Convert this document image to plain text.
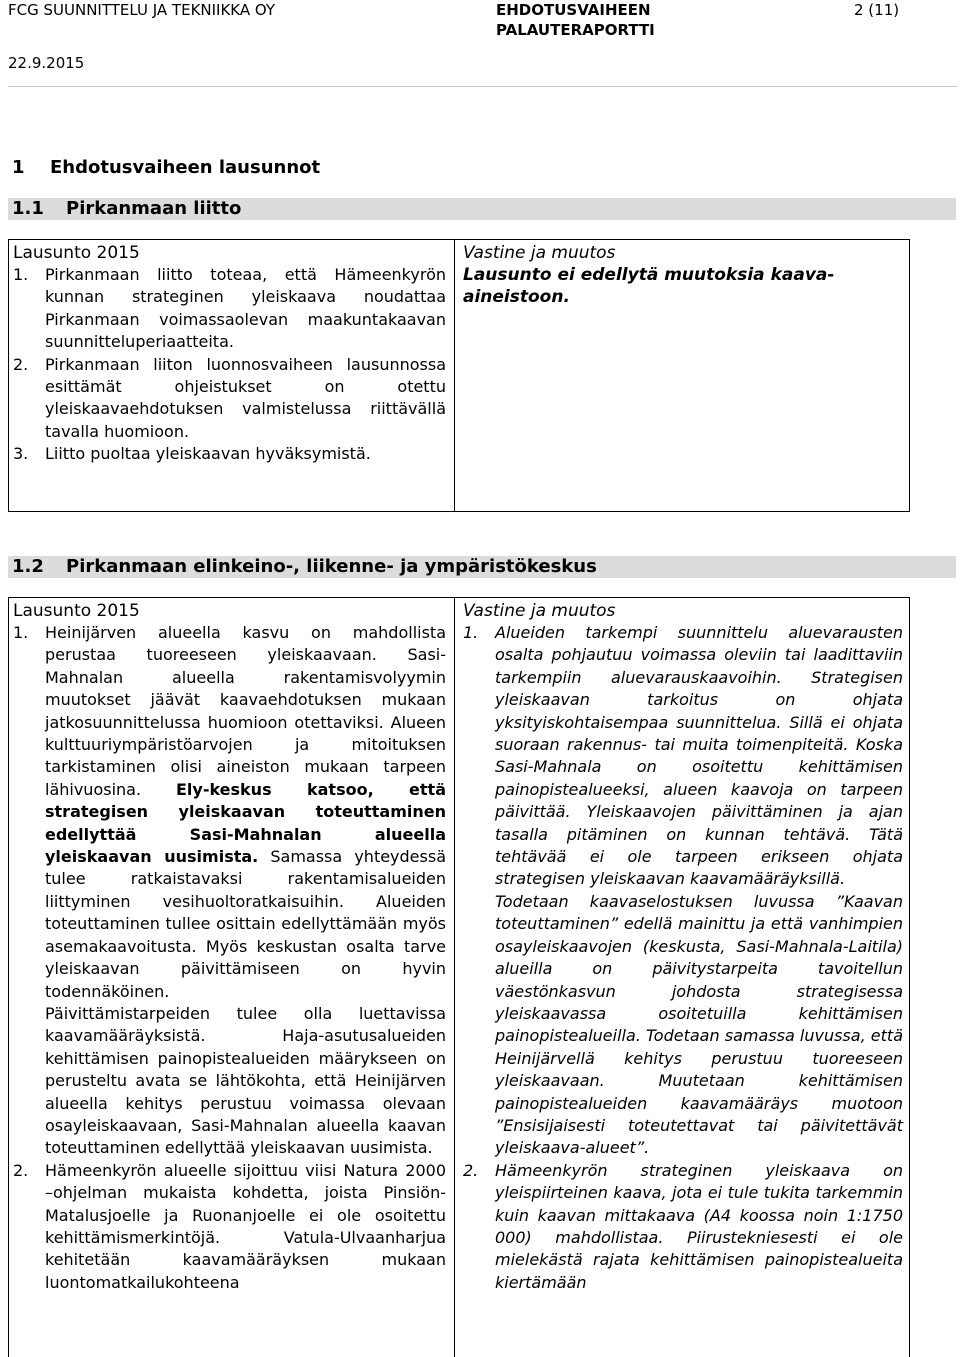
FCG SUUNNITTELU JA TEKNIIKKA OY	EHDOTUSVAIHEEN
PALAUTERAPORTTI
2 (11)
22.9.2015
1 Ehdotusvaiheen lausunnot
1.1 Pirkanmaan liitto
Lausunto 2015
1. Pirkanmaan liitto toteaa, että Hämeenkyrön kunnan strateginen yleiskaava noudattaa Pirkanmaan voimassaolevan maakuntakaavan suunnitteluperiaatteita.
2. Pirkanmaan liiton luonnosvaiheen lausunnossa esittämät ohjeistukset on otettu yleiskaavaehdotuksen valmistelussa riittävällä tavalla huomioon.
3. Liitto puoltaa yleiskaavan hyväksymistä.
Vastine ja muutos
Lausunto ei edellytä muutoksia kaava-aineistoon.
1.2 Pirkanmaan elinkeino-, liikenne- ja ympäristökeskus
Lausunto 2015
1. Heinijärven alueella kasvu on mahdollista perustaa tuoreeseen yleiskaavaan. Sasi-Mahnalan alueella rakentamisvolyymin muutokset jäävät kaavaehdotuksen mukaan jatkosuunnittelussa huomioon otettaviksi. Alueen kulttuuriympäristöarvojen ja mitoituksen tarkistaminen olisi aineiston mukaan tarpeen lähivuosina. Ely-keskus katsoo, että strategisen yleiskaavan toteuttaminen edellyttää Sasi-Mahnalan alueella yleiskaavan uusimista. Samassa yhteydessä tulee ratkaistavaksi rakentamisalueiden liittyminen vesihuoltoratkaisuihin. Alueiden toteuttaminen tullee osittain edellyttämään myös asemakaavoitusta. Myös keskustan osalta tarve yleiskaavan päivittämiseen on hyvin todennäköinen.
Päivittämistarpeiden tulee olla luettavissa kaavamääräyksistä. Haja-asutusalueiden kehittämisen painopistealueiden määrykseen on perusteltu avata se lähtökohta, että Heinijärven alueella kehitys perustuu voimassa olevaan osayleiskaavaan, Sasi-Mahnalan alueella kaavan toteuttaminen edellyttää yleiskaavan uusimista.
2. Hämeenkyrön alueelle sijoittuu viisi Natura 2000 –ohjelman mukaista kohdetta, joista Pinsiön-Matalusjoelle ja Ruonanjoelle ei ole osoitettu kehittämismerkintöjä. Vatula-Ulvaanharjua kehitetään kaavamääräyksen mukaan luontomatkailukohteena
Vastine ja muutos
1. Alueiden tarkempi suunnittelu aluevarausten osalta pohjautuu voimassa oleviin tai laadittaviin tarkempiin aluevarauskaavoihin. Strategisen yleiskaavan tarkoitus on ohjata yksityiskohtaisempaa suunnittelua. Sillä ei ohjata suoraan rakennus- tai muita toimenpiteitä. Koska Sasi-Mahnala on osoitettu kehittämisen painopistealueeksi, alueen kaavoja on tarpeen päivittää. Yleiskaavojen päivittäminen ja ajan tasalla pitäminen on kunnan tehtävä. Tätä tehtävää ei ole tarpeen erikseen ohjata strategisen yleiskaavan kaavamääräyksillä.
Todetaan kaavaselostuksen luvussa ”Kaavan toteuttaminen” edellä mainittu ja että vanhimpien osayleiskaavojen (keskusta, Sasi-Mahnala-Laitila) alueilla on päivitystarpeita tavoitellun väestönkasvun johdosta strategisessa yleiskaavassa osoitetuilla kehittämisen painopistealueilla. Todetaan samassa luvussa, että Heinijärvellä kehitys perustuu tuoreeseen yleiskaavaan. Muutetaan kehittämisen painopistealueiden kaavamääräys muotoon ”Ensisijaisesti toteutettavat tai päivitettävät yleiskaava-alueet”.
2. Hämeenkyrön strateginen yleiskaava on yleispiirteinen kaava, jota ei tule tukita tarkemmin kuin kaavan mittakaava (A4 koossa noin 1:1750 000) mahdollistaa. Piirustekniesesti ei ole mielekästä rajata kehittämisen painopistealueita kiertämään
